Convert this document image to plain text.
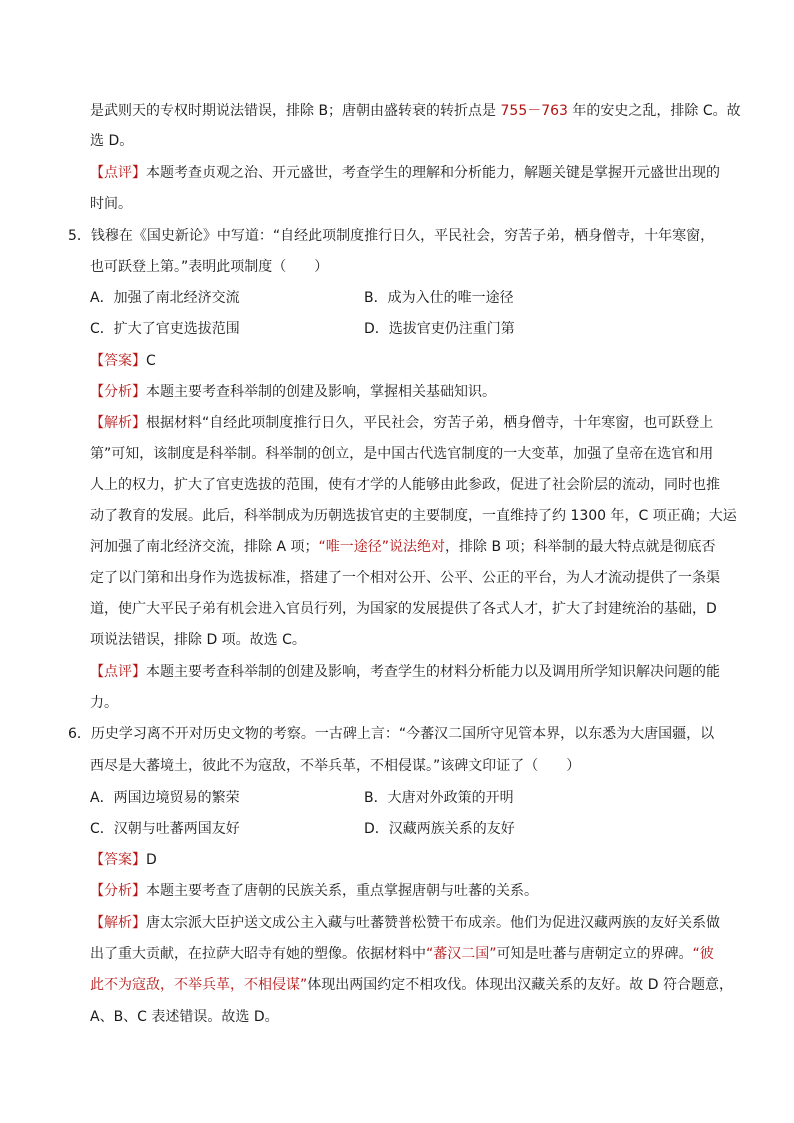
是武则天的专权时期说法错误，排除 B；唐朝由盛转衰的转折点是 755－763 年的安史之乱，排除 C。故
选 D。
【点评】本题考查贞观之治、开元盛世，考查学生的理解和分析能力，解题关键是掌握开元盛世出现的
时间。
5．钱穆在《国史新论》中写道：“自经此项制度推行日久，平民社会，穷苦子弟，栖身僧寺，十年寒窗，
也可跃登上第。”表明此项制度（　　）
A．加强了南北经济交流	B．成为入仕的唯一途径
C．扩大了官吏选拔范围	D．选拔官吏仍注重门第
【答案】C
【分析】本题主要考查科举制的创建及影响，掌握相关基础知识。
【解析】根据材料“自经此项制度推行日久，平民社会，穷苦子弟，栖身僧寺，十年寒窗，也可跃登上
第”可知，该制度是科举制。科举制的创立，是中国古代选官制度的一大变革，加强了皇帝在选官和用
人上的权力，扩大了官吏选拔的范围，使有才学的人能够由此参政，促进了社会阶层的流动，同时也推
动了教育的发展。此后，科举制成为历朝选拔官吏的主要制度，一直维持了约 1300 年，C 项正确；大运
河加强了南北经济交流，排除 A 项；“唯一途径”说法绝对，排除 B 项；科举制的最大特点就是彻底否
定了以门第和出身作为选拔标准，搭建了一个相对公开、公平、公正的平台，为人才流动提供了一条渠
道，使广大平民子弟有机会进入官员行列，为国家的发展提供了各式人才，扩大了封建统治的基础，D
项说法错误，排除 D 项。故选 C。
【点评】本题主要考查科举制的创建及影响，考查学生的材料分析能力以及调用所学知识解决问题的能
力。
6．历史学习离不开对历史文物的考察。一古碑上言：“今蕃汉二国所守见管本界，以东悉为大唐国疆，以
西尽是大蕃境土，彼此不为寇敌，不举兵革，不相侵谋。”该碑文印证了（　　）
A．两国边境贸易的繁荣	B．大唐对外政策的开明
C．汉朝与吐蕃两国友好	D．汉藏两族关系的友好
【答案】D
【分析】本题主要考查了唐朝的民族关系，重点掌握唐朝与吐蕃的关系。
【解析】唐太宗派大臣护送文成公主入藏与吐蕃赞普松赞干布成亲。他们为促进汉藏两族的友好关系做
出了重大贡献，在拉萨大昭寺有她的塑像。依据材料中“蕃汉二国”可知是吐蕃与唐朝定立的界碑。“彼
此不为寇敌，不举兵革，不相侵谋”体现出两国约定不相攻伐。体现出汉藏关系的友好。故 D 符合题意，
A、B、C 表述错误。故选 D。
